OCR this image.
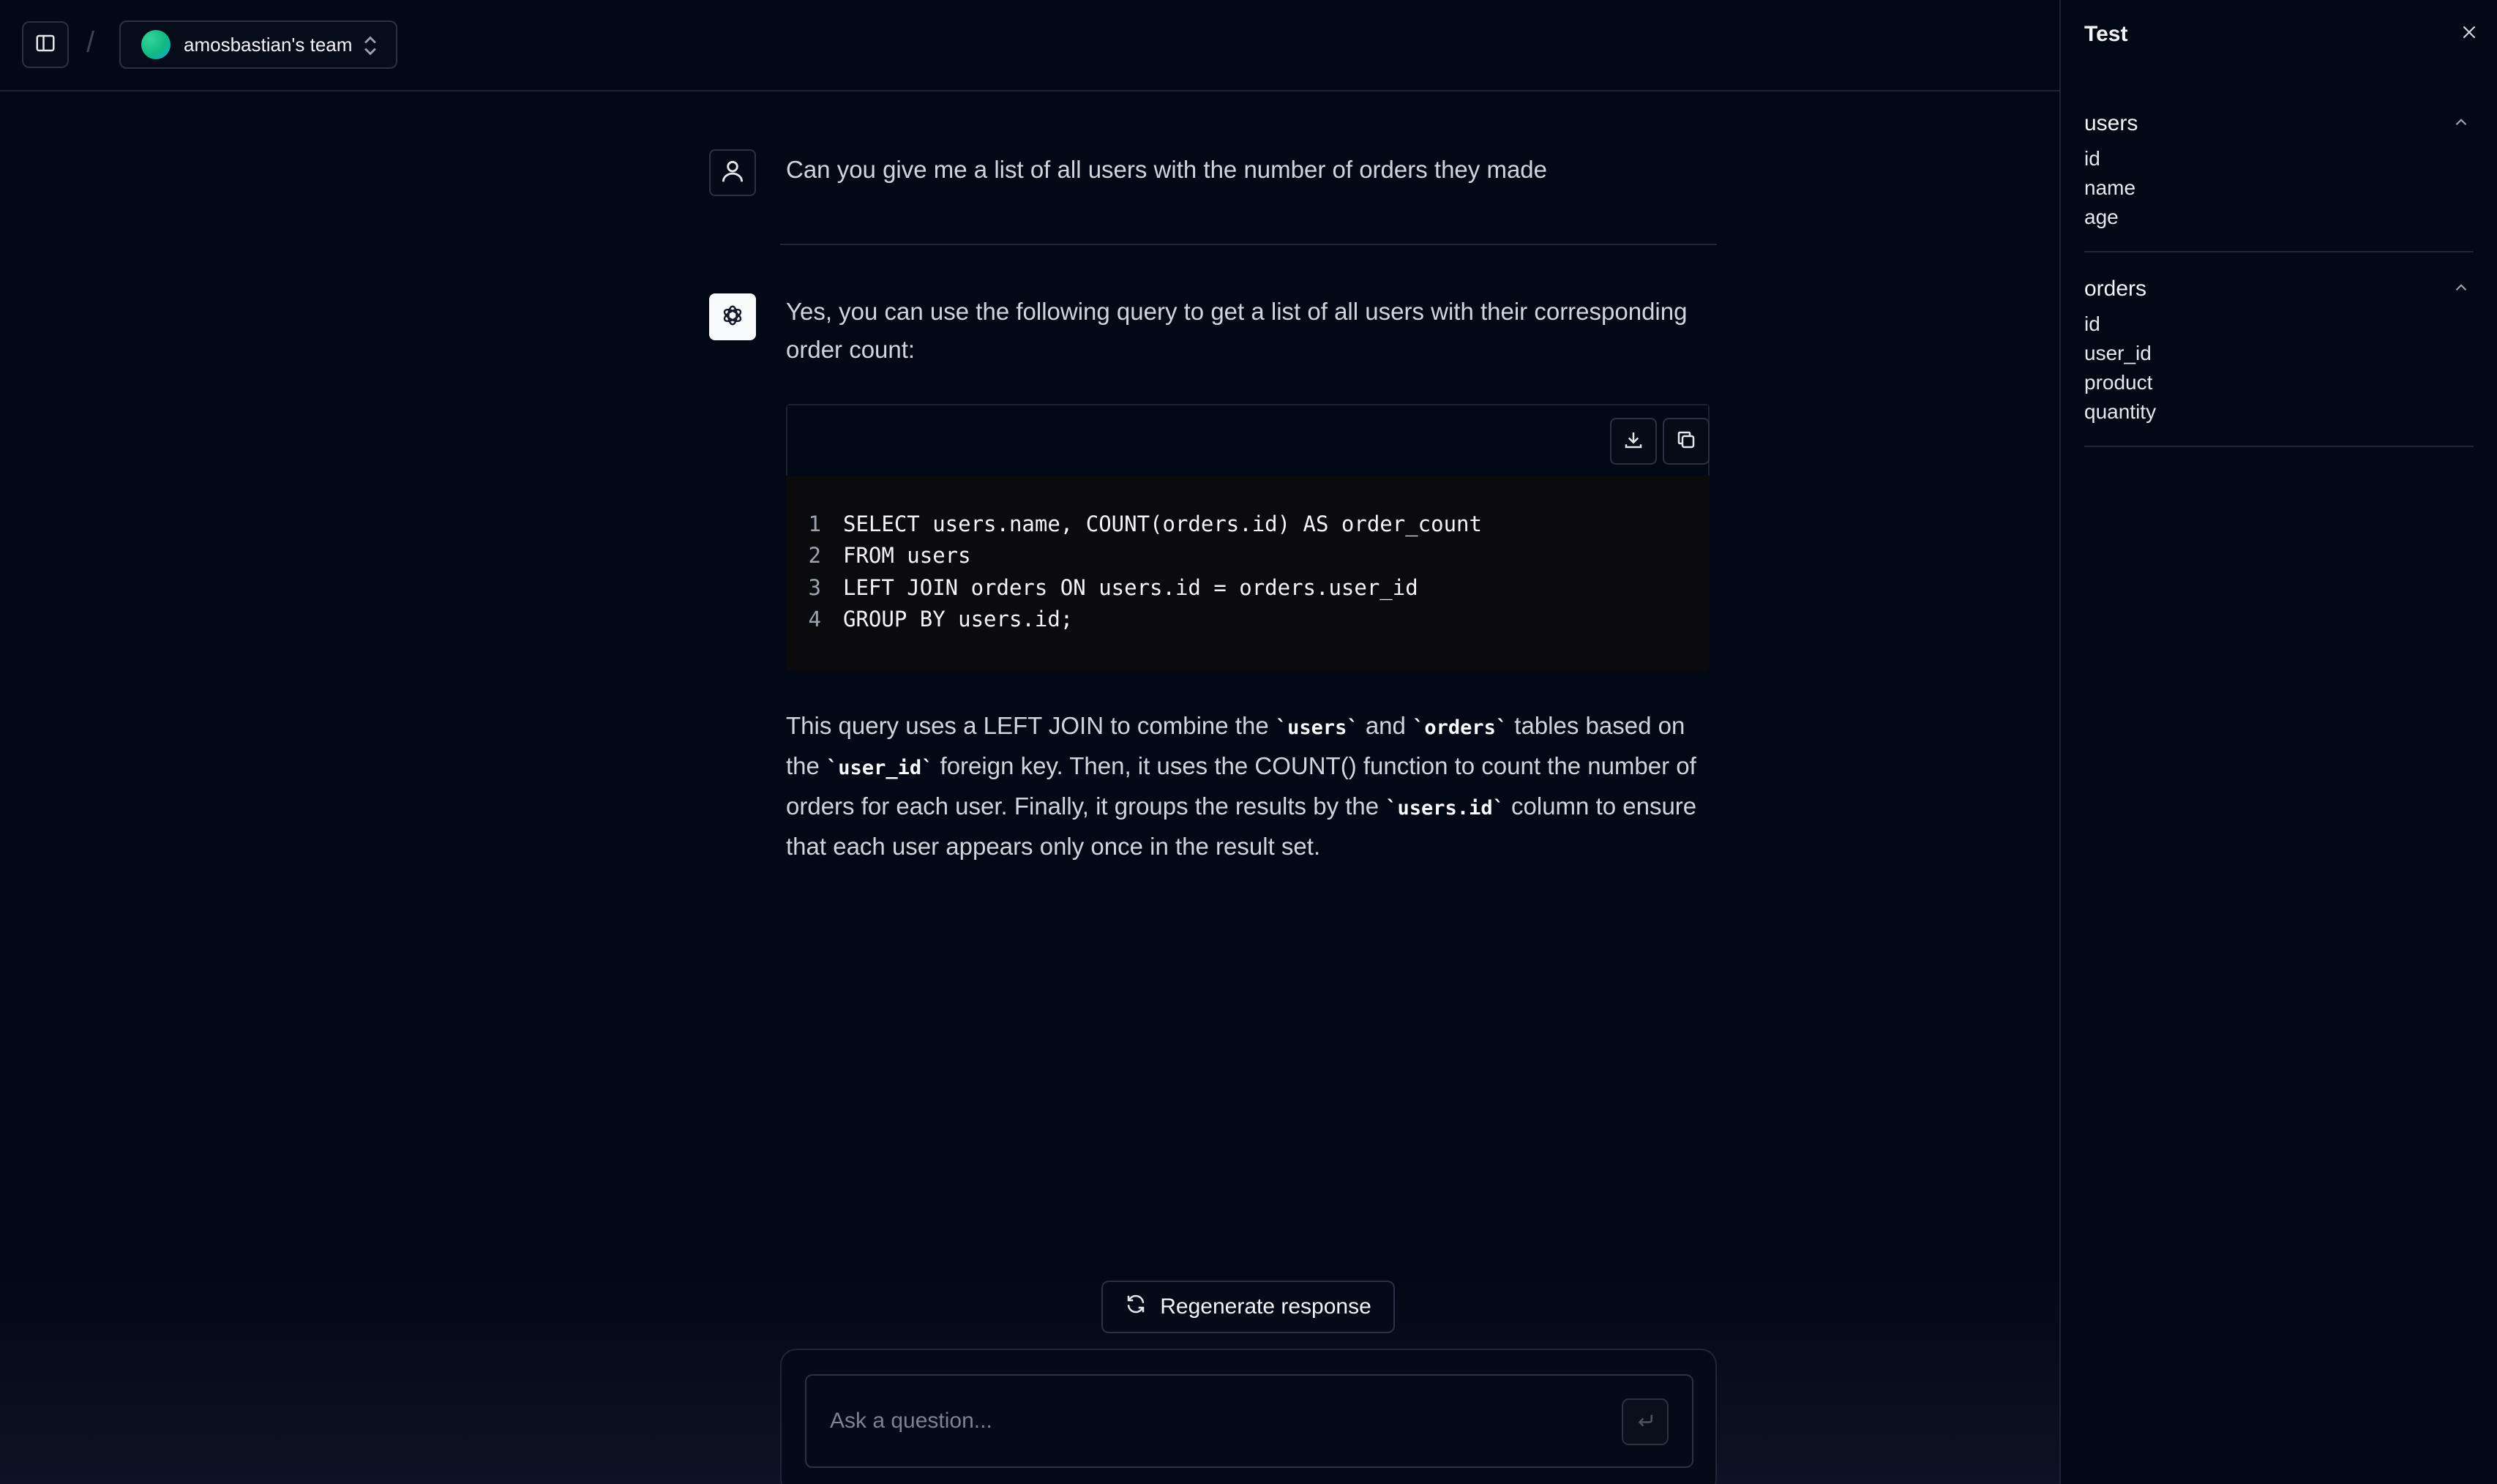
/	amosbastian's team
Can you give me a list of all users with the number of orders they made
Yes, you can use the following query to get a list of all users with their corresponding order count:
1	SELECT users.name, COUNT(orders.id) AS order_count
2	FROM users
3	LEFT JOIN orders ON users.id = orders.user_id
4	GROUP BY users.id;
This query uses a LEFT JOIN to combine the `users` and `orders` tables based on the `user_id` foreign key. Then, it uses the COUNT() function to count the number of orders for each user. Finally, it groups the results by the `users.id` column to ensure that each user appears only once in the result set.
Regenerate response
Ask a question...
Test
users
id
name
age
orders
id
user_id
product
quantity
